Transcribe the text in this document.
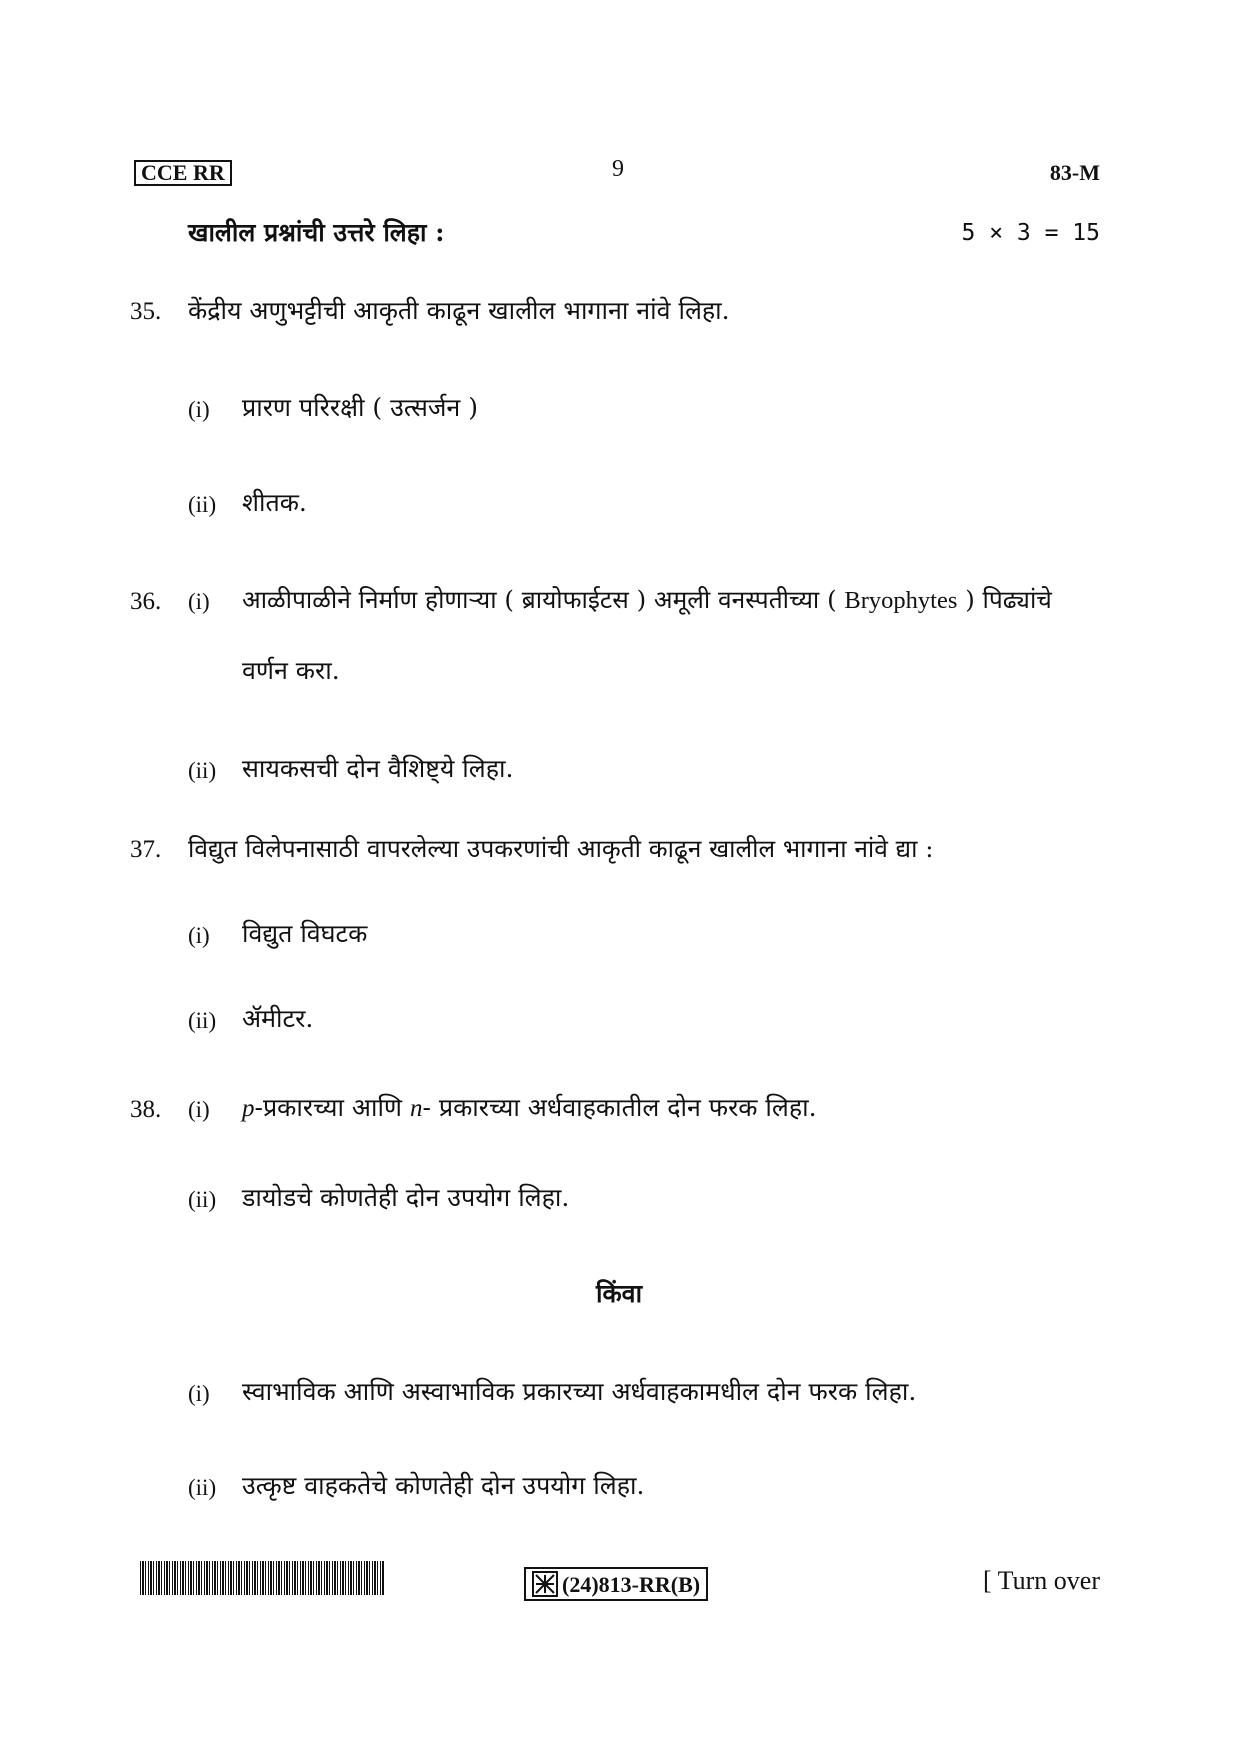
CCE RR	9	83-M
खालील प्रश्नांची उत्तरे लिहा :	5 × 3 = 15
35. केंद्रीय अणुभट्टीची आकृती काढून खालील भागाना नांवे लिहा.
(i) प्रारण परिरक्षी ( उत्सर्जन )
(ii) शीतक.
36. (i) आळीपाळीने निर्माण होणाऱ्या ( ब्रायोफाईटस ) अमूली वनस्पतीच्या ( Bryophytes ) पिढ्यांचे
वर्णन करा.
(ii) सायकसची दोन वैशिष्ट्ये लिहा.
37. विद्युत विलेपनासाठी वापरलेल्या उपकरणांची आकृती काढून खालील भागाना नांवे द्या :
(i) विद्युत विघटक
(ii) ॲमीटर.
38. (i) p-प्रकारच्या आणि n- प्रकारच्या अर्धवाहकातील दोन फरक लिहा.
(ii) डायोडचे कोणतेही दोन उपयोग लिहा.
किंवा
(i) स्वाभाविक आणि अस्वाभाविक प्रकारच्या अर्धवाहकामधील दोन फरक लिहा.
(ii) उत्कृष्ट वाहकतेचे कोणतेही दोन उपयोग लिहा.
(24)813-RR(B)	[ Turn over
